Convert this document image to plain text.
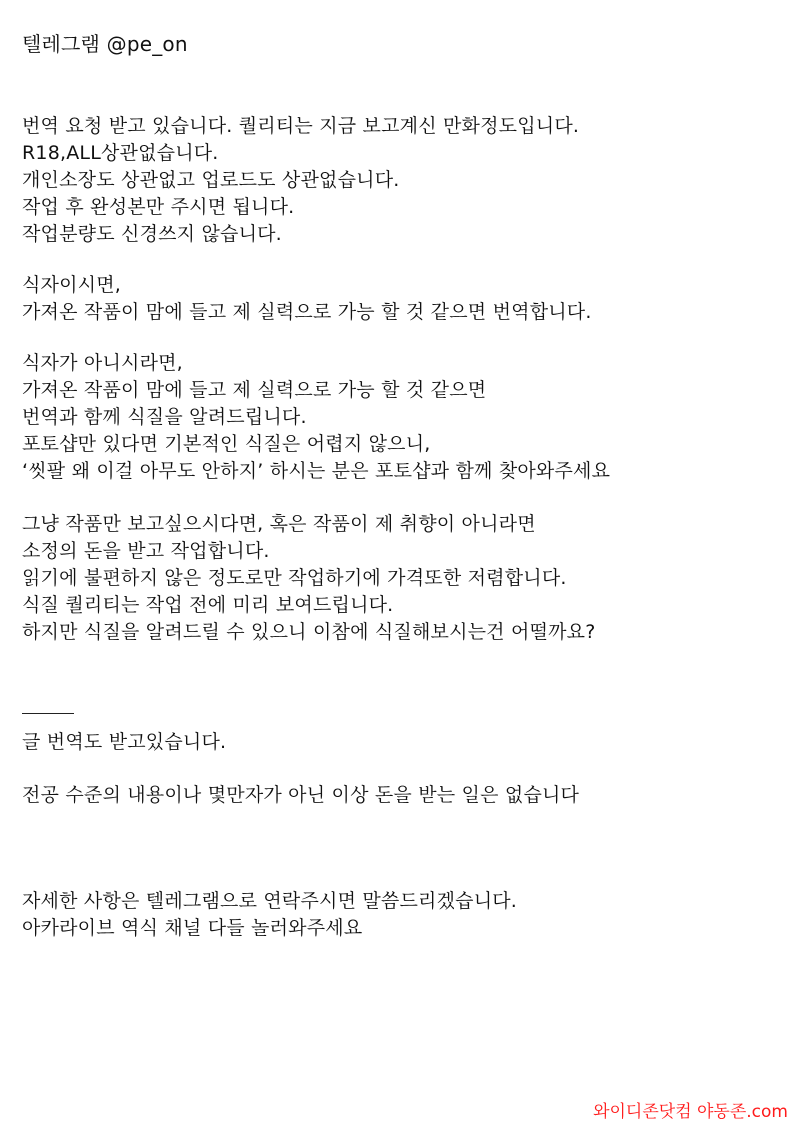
텔레그램 @pe_on
번역 요청 받고 있습니다. 퀄리티는 지금 보고계신 만화정도입니다.
R18,ALL상관없습니다.
개인소장도 상관없고 업로드도 상관없습니다.
작업 후 완성본만 주시면 됩니다.
작업분량도 신경쓰지 않습니다.
식자이시면,
가져온 작품이 맘에 들고 제 실력으로 가능 할 것 같으면 번역합니다.
식자가 아니시라면,
가져온 작품이 맘에 들고 제 실력으로 가능 할 것 같으면
번역과 함께 식질을 알려드립니다.
포토샵만 있다면 기본적인 식질은 어렵지 않으니,
‘씻팔 왜 이걸 아무도 안하지’ 하시는 분은 포토샵과 함께 찾아와주세요
그냥 작품만 보고싶으시다면, 혹은 작품이 제 취향이 아니라면
소정의 돈을 받고 작업합니다.
읽기에 불편하지 않은 정도로만 작업하기에 가격또한 저렴합니다.
식질 퀄리티는 작업 전에 미리 보여드립니다.
하지만 식질을 알려드릴 수 있으니 이참에 식질해보시는건 어떨까요?
글 번역도 받고있습니다.
전공 수준의 내용이나 몇만자가 아닌 이상 돈을 받는 일은 없습니다
자세한 사항은 텔레그램으로 연락주시면 말씀드리겠습니다.
아카라이브 역식 채널 다들 놀러와주세요
와이디존닷컴 야동존.com
